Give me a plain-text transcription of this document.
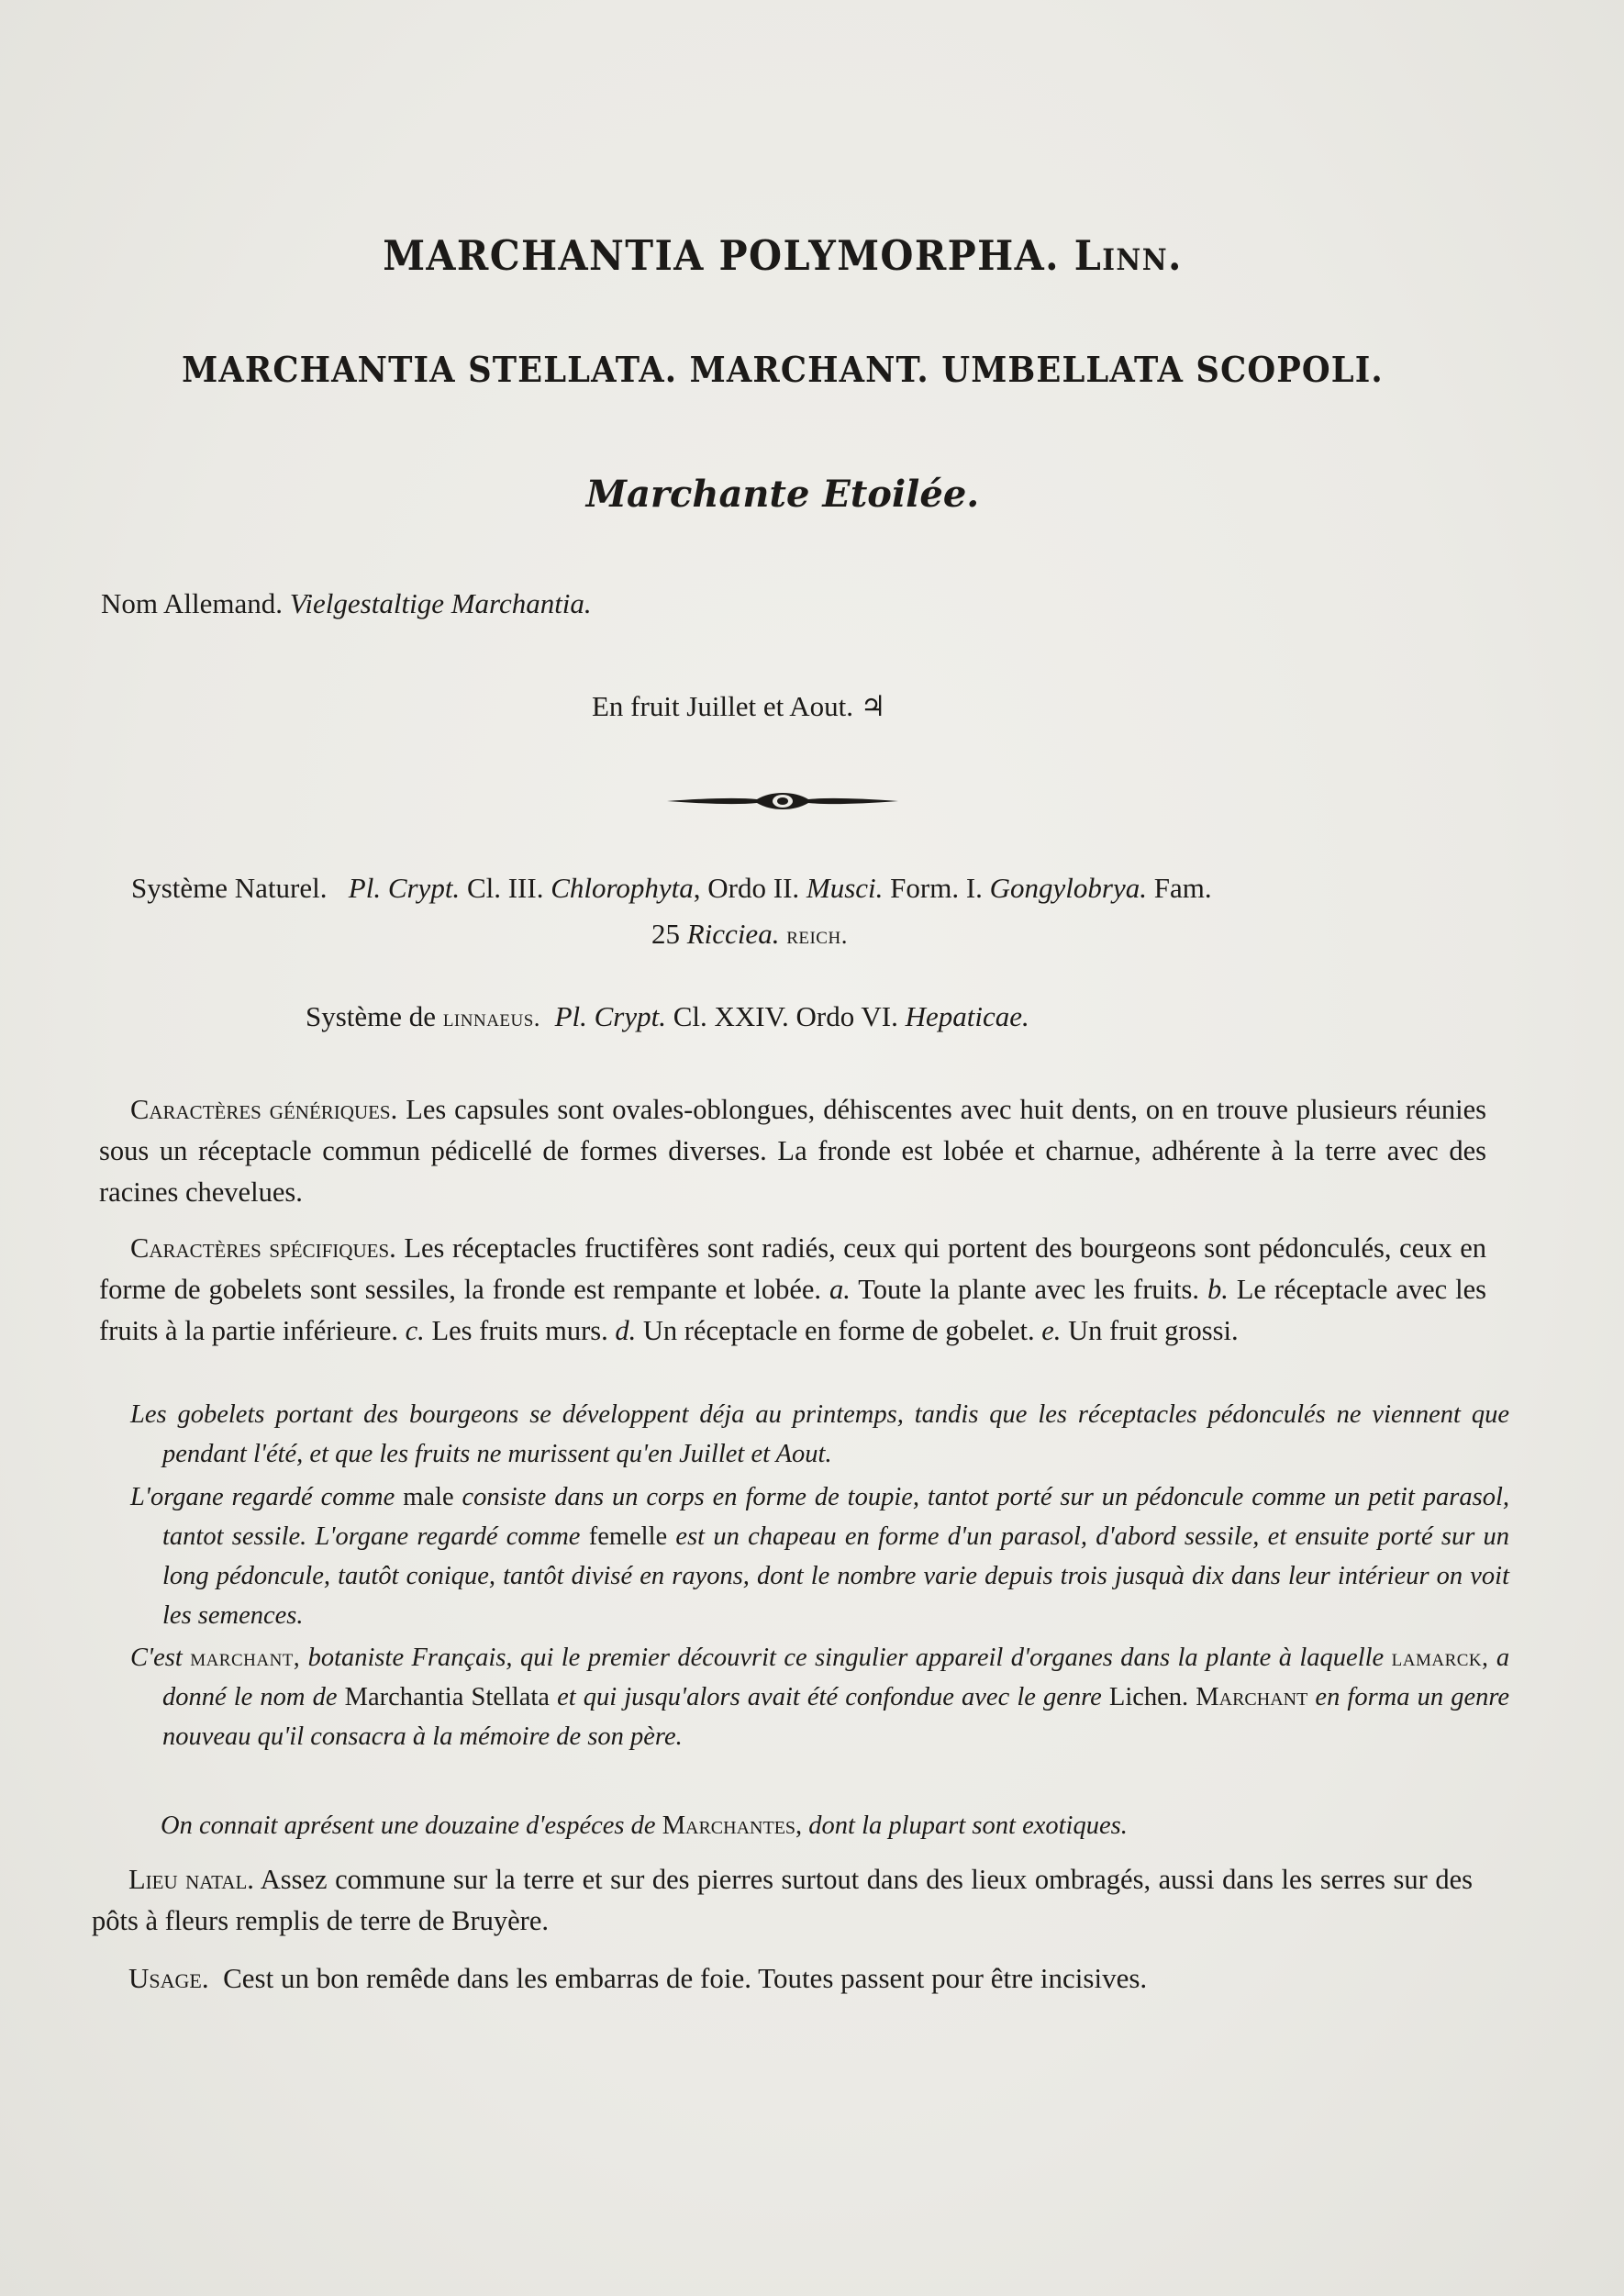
MARCHANTIA POLYMORPHA. Linn.
MARCHANTIA STELLATA. MARCHANT. UMBELLATA SCOPOLI.
Marchante Etoilée.
Nom Allemand. Vielgestaltige Marchantia.
En fruit Juillet et Aout. ♃
Système Naturel. Pl. Crypt. Cl. III. Chlorophyta, Ordo II. Musci. Form. I. Gongylobrya. Fam.
25 Ricciea. reich.
Système de linnaeus. Pl. Crypt. Cl. XXIV. Ordo VI. Hepaticae.
Caractères génériques. Les capsules sont ovales-oblongues, déhiscentes avec huit dents, on en trouve plusieurs réunies sous un réceptacle commun pédicellé de formes diverses. La fronde est lobée et charnue, adhérente à la terre avec des racines chevelues.
Caractères spécifiques. Les réceptacles fructifères sont radiés, ceux qui portent des bourgeons sont pédonculés, ceux en forme de gobelets sont sessiles, la fronde est rempante et lobée. a. Toute la plante avec les fruits. b. Le réceptacle avec les fruits à la partie inférieure. c. Les fruits murs. d. Un réceptacle en forme de gobelet. e. Un fruit grossi.
Les gobelets portant des bourgeons se développent déja au printemps, tandis que les réceptacles pédonculés ne viennent que pendant l'été, et que les fruits ne murissent qu'en Juillet et Aout.
L'organe regardé comme male consiste dans un corps en forme de toupie, tantot porté sur un pédoncule comme un petit parasol, tantot sessile. L'organe regardé comme femelle est un chapeau en forme d'un parasol, d'abord sessile, et ensuite porté sur un long pédoncule, tautôt conique, tantôt divisé en rayons, dont le nombre varie depuis trois jusquà dix dans leur intérieur on voit les semences.
C'est marchant, botaniste Français, qui le premier découvrit ce singulier appareil d'organes dans la plante à laquelle lamarck, a donné le nom de Marchantia Stellata et qui jusqu'alors avait été confondue avec le genre Lichen. Marchant en forma un genre nouveau qu'il consacra à la mémoire de son père.
On connait aprésent une douzaine d'espéces de Marchantes, dont la plupart sont exotiques.
Lieu natal. Assez commune sur la terre et sur des pierres surtout dans des lieux ombragés, aussi dans les serres sur des pôts à fleurs remplis de terre de Bruyère.
Usage. Cest un bon remêde dans les embarras de foie. Toutes passent pour être incisives.
